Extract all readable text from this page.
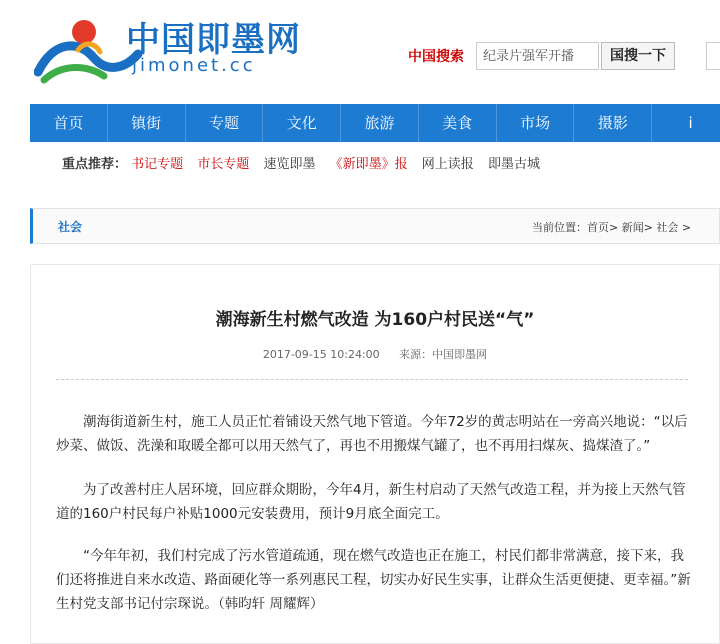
中国即墨网
jimonet.cc	中国搜索	纪录片强军开播	国搜一下
首页	镇街	专题	文化	旅游	美食	市场	摄影	i
重点推荐： 书记专题 市长专题 速览即墨 《新即墨》报 网上读报 即墨古城
社会	当前位置：首页> 新闻> 社会 >
潮海新生村燃气改造 为160户村民送“气”
2017-09-15 10:24:00 来源：中国即墨网
潮海街道新生村，施工人员正忙着铺设天然气地下管道。今年72岁的黄志明站在一旁高兴地说：“以后炒菜、做饭、洗澡和取暖全都可以用天然气了，再也不用搬煤气罐了，也不再用扫煤灰、捣煤渣了。”
为了改善村庄人居环境，回应群众期盼，今年4月，新生村启动了天然气改造工程，并为接上天然气管道的160户村民每户补贴1000元安装费用，预计9月底全面完工。
“今年年初，我们村完成了污水管道疏通，现在燃气改造也正在施工，村民们都非常满意，接下来，我们还将推进自来水改造、路面硬化等一系列惠民工程，切实办好民生实事，让群众生活更便捷、更幸福。”新生村党支部书记付宗琛说。（韩昀轩 周耀辉）
